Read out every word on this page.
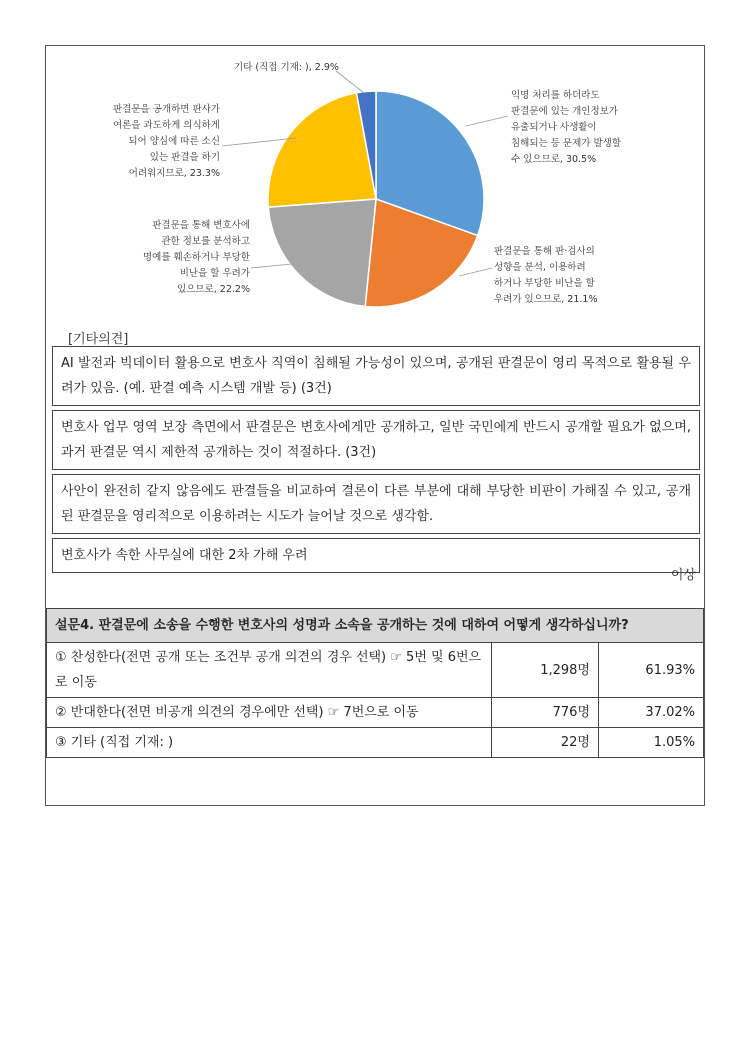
익명 처리를 하더라도
판결문에 있는 개인정보가
유출되거나 사생활이
침해되는 등 문제가 발생할
수 있으므로, 30.5%
판결문을 통해 판·검사의
성향을 분석, 이용하려
하거나 부당한 비난을 할
우려가 있으므로, 21.1%
판결문을 통해 변호사에
관한 정보를 분석하고
명예를 훼손하거나 부당한
비난을 할 우려가
있으므로, 22.2%
판결문을 공개하면 판사가
여론을 과도하게 의식하게
되어 양심에 따른 소신
있는 판결을 하기
어려워지므로, 23.3%
기타 (직접 기재: ), 2.9%
[기타의견]
AI 발전과 빅데이터 활용으로 변호사 직역이 침해될 가능성이 있으며, 공개된 판결문이 영리 목적으로 활용될 우려가 있음. (예. 판결 예측 시스템 개발 등) (3건)
변호사 업무 영역 보장 측면에서 판결문은 변호사에게만 공개하고, 일반 국민에게 반드시 공개할 필요가 없으며, 과거 판결문 역시 제한적 공개하는 것이 적절하다. (3건)
사안이 완전히 같지 않음에도 판결들을 비교하여 결론이 다른 부분에 대해 부당한 비판이 가해질 수 있고, 공개된 판결문을 영리적으로 이용하려는 시도가 늘어날 것으로 생각함.
변호사가 속한 사무실에 대한 2차 가해 우려
이상
설문4. 판결문에 소송을 수행한 변호사의 성명과 소속을 공개하는 것에 대하여 어떻게 생각하십니까?		
① 찬성한다(전면 공개 또는 조건부 공개 의견의 경우 선택) ☞ 5번 및 6번으로 이동	1,298명	61.93%
② 반대한다(전면 비공개 의견의 경우에만 선택) ☞ 7번으로 이동	776명	37.02%
③ 기타 (직접 기재: )	22명	1.05%
